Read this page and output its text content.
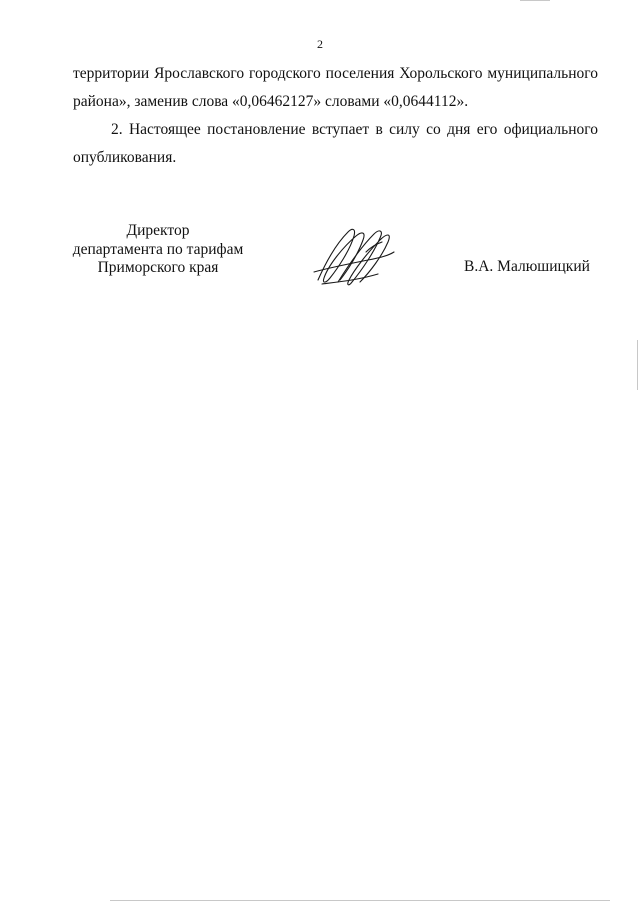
2
территории Ярославского городского поселения Хорольского муниципального
района», заменив слова «0,06462127» словами «0,0644112».
2. Настоящее постановление вступает в силу со дня его официального
опубликования.
Директор
департамента по тарифам
Приморского края	В.А. Малюшицкий
